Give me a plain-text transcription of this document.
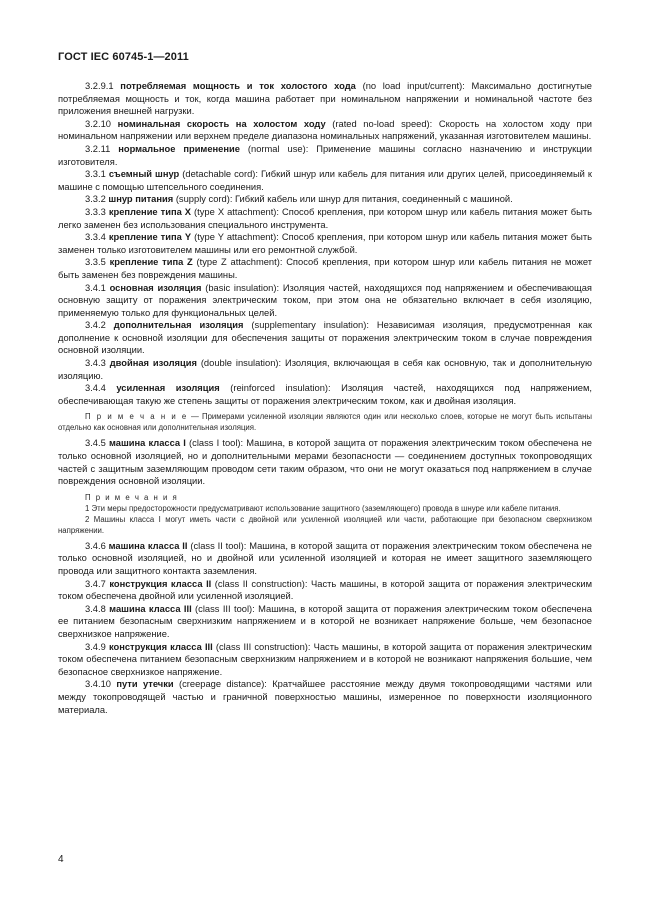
ГОСТ IEC 60745-1—2011

3.2.9.1 потребляемая мощность и ток холостого хода (no load input/current): Максимально достигнутые потребляемая мощность и ток, когда машина работает при номинальном напряжении и номинальной частоте без приложения внешней нагрузки.

3.2.10 номинальная скорость на холостом ходу (rated no-load speed): Скорость на холостом ходу при номинальном напряжении или верхнем пределе диапазона номинальных напряжений, указанная изготовителем машины.

3.2.11 нормальное применение (normal use): Применение машины согласно назначению и инструкции изготовителя.

3.3.1 съемный шнур (detachable cord): Гибкий шнур или кабель для питания или других целей, присоединяемый к машине с помощью штепсельного соединения.

3.3.2 шнур питания (supply cord): Гибкий кабель или шнур для питания, соединенный с машиной.

3.3.3 крепление типа X (type X attachment): Способ крепления, при котором шнур или кабель питания может быть легко заменен без использования специального инструмента.

3.3.4 крепление типа Y (type Y attachment): Способ крепления, при котором шнур или кабель питания может быть заменен только изготовителем машины или его ремонтной службой.

3.3.5 крепление типа Z (type Z attachment): Способ крепления, при котором шнур или кабель питания не может быть заменен без повреждения машины.

3.4.1 основная изоляция (basic insulation): Изоляция частей, находящихся под напряжением и обеспечивающая основную защиту от поражения электрическим током, при этом она не обязательно включает в себя изоляцию, применяемую только для функциональных целей.

3.4.2 дополнительная изоляция (supplementary insulation): Независимая изоляция, предусмотренная как дополнение к основной изоляции для обеспечения защиты от поражения электрическим током в случае повреждения основной изоляции.

3.4.3 двойная изоляция (double insulation): Изоляция, включающая в себя как основную, так и дополнительную изоляцию.

3.4.4 усиленная изоляция (reinforced insulation): Изоляция частей, находящихся под напряжением, обеспечивающая такую же степень защиты от поражения электрическим током, как и двойная изоляция.

П р и м е ч а н и е — Примерами усиленной изоляции являются один или несколько слоев, которые не могут быть испытаны отдельно как основная или дополнительная изоляция.

3.4.5 машина класса I (class I tool): Машина, в которой защита от поражения электрическим током обеспечена не только основной изоляцией, но и дополнительными мерами безопасности — соединением доступных токопроводящих частей с защитным заземляющим проводом сети таким образом, что они не могут оказаться под напряжением в случае повреждения основной изоляции.

П р и м е ч а н и я

1 Эти меры предосторожности предусматривают использование защитного (заземляющего) провода в шнуре или кабеле питания.

2 Машины класса I могут иметь части с двойной или усиленной изоляцией или части, работающие при безопасном сверхнизком напряжении.

3.4.6 машина класса II (class II tool): Машина, в которой защита от поражения электрическим током обеспечена не только основной изоляцией, но и двойной или усиленной изоляцией и которая не имеет защитного заземляющего провода или защитного контакта заземления.

3.4.7 конструкция класса II (class II construction): Часть машины, в которой защита от поражения электрическим током обеспечена двойной или усиленной изоляцией.

3.4.8 машина класса III (class III tool): Машина, в которой защита от поражения электрическим током обеспечена ее питанием безопасным сверхнизким напряжением и в которой не возникает напряжение больше, чем безопасное сверхнизкое напряжение.

3.4.9 конструкция класса III (class III construction): Часть машины, в которой защита от поражения электрическим током обеспечена питанием безопасным сверхнизким напряжением и в которой не возникают напряжения большие, чем безопасное сверхнизкое напряжение.

3.4.10 пути утечки (creepage distance): Кратчайшее расстояние между двумя токопроводящими частями или между токопроводящей частью и граничной поверхностью машины, измеренное по поверхности изоляционного материала.

4
